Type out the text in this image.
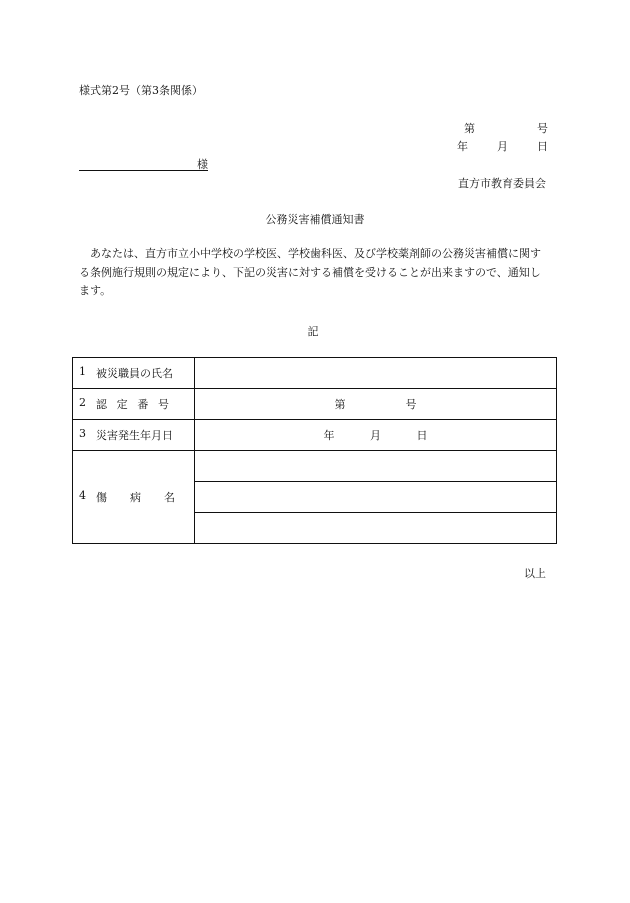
様式第2号（第3条関係）
第	号
年	月	日
様
直方市教育委員会
公務災害補償通知書
あなたは、直方市立小中学校の学校医、学校歯科医、及び学校薬剤師の公務災害補償に関する条例施行規則の規定により、下記の災害に対する補償を受けることが出来ますので、通知します。
記
1 被災職員の氏名	

2 認 定 番 号	第 号

3 災害発生年月日	年 月 日

4 傷 病 名	

以上
